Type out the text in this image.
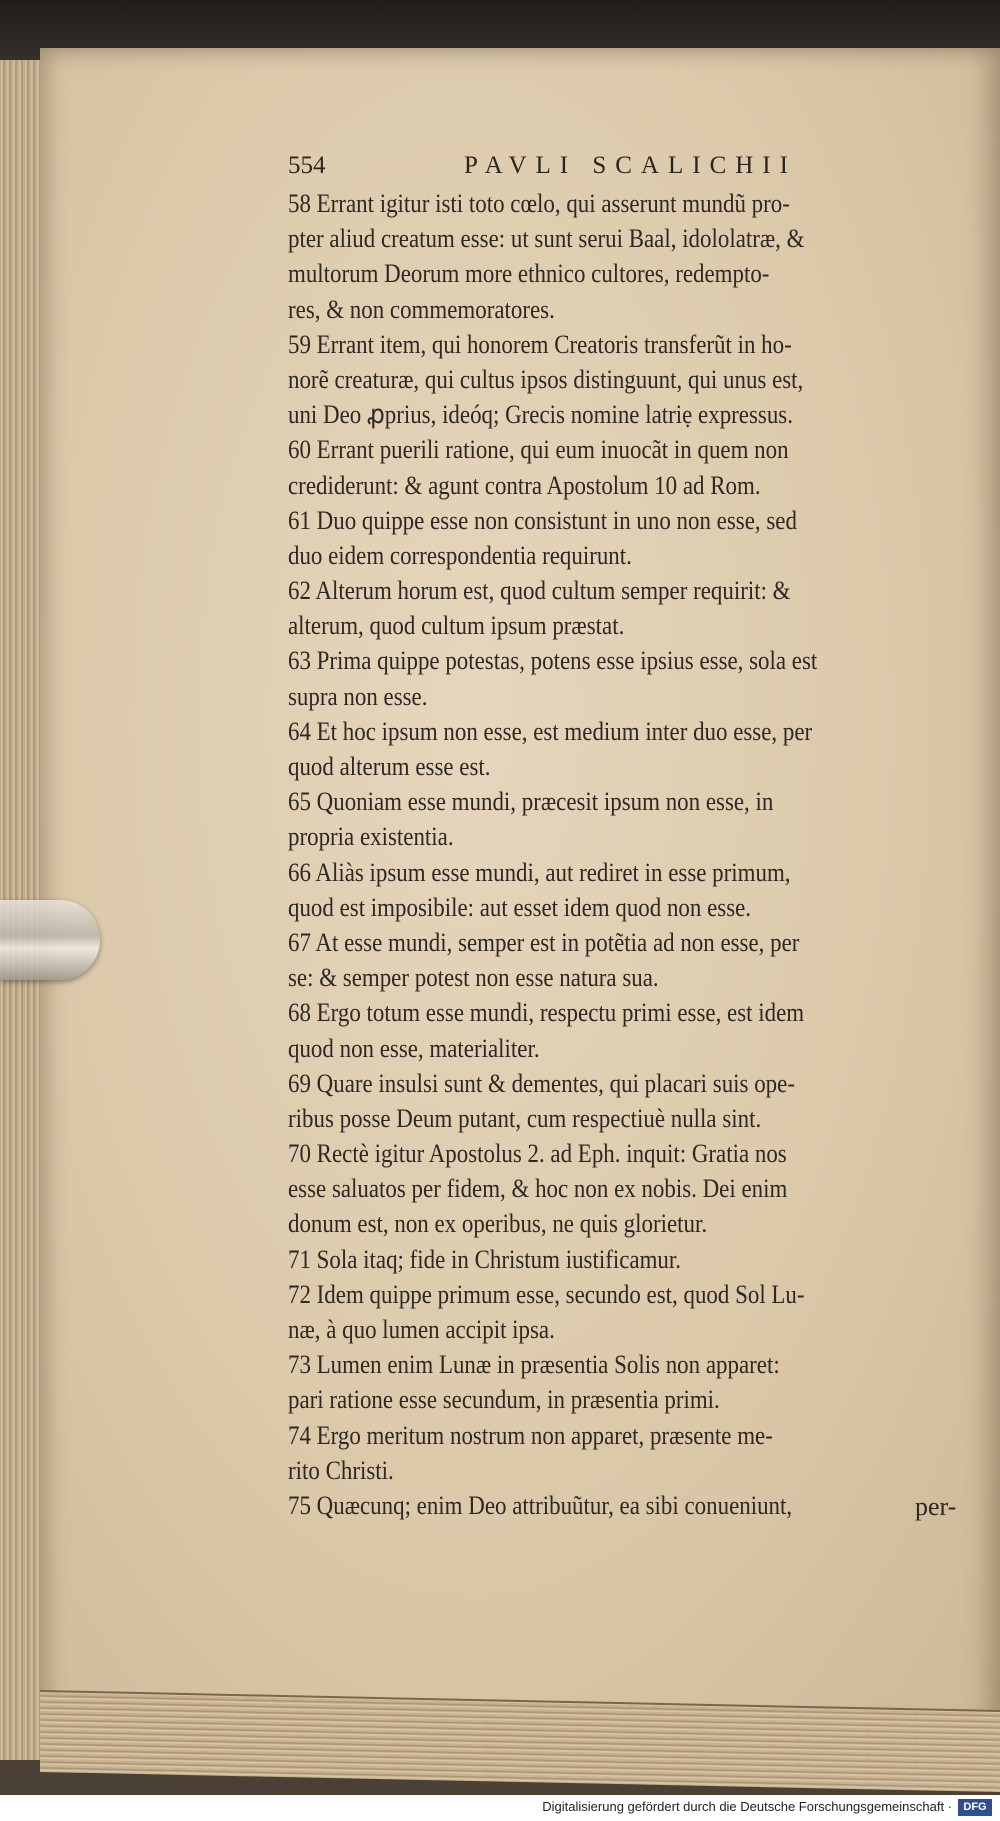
554	PAVLI SCALICHII
58 Errant igitur isti toto cœlo, qui asserunt mundũ pro-
pter aliud creatum esse: ut sunt serui Baal, idololatræ, &
multorum Deorum more ethnico cultores, redempto-
res, & non commemoratores.
59 Errant item, qui honorem Creatoris transferũt in ho-
norẽ creaturæ, qui cultus ipsos distinguunt, qui unus est,
uni Deo ꝓprius, ideóq; Grecis nomine latriẹ expressus.
60 Errant puerili ratione, qui eum inuocãt in quem non
crediderunt: & agunt contra Apostolum 10 ad Rom.
61 Duo quippe esse non consistunt in uno non esse, sed
duo eidem correspondentia requirunt.
62 Alterum horum est, quod cultum semper requirit: &
alterum, quod cultum ipsum præstat.
63 Prima quippe potestas, potens esse ipsius esse, sola est
supra non esse.
64 Et hoc ipsum non esse, est medium inter duo esse, per
quod alterum esse est.
65 Quoniam esse mundi, præcesit ipsum non esse, in
propria existentia.
66 Aliàs ipsum esse mundi, aut rediret in esse primum,
quod est imposibile: aut esset idem quod non esse.
67 At esse mundi, semper est in potẽtia ad non esse, per
se: & semper potest non esse natura sua.
68 Ergo totum esse mundi, respectu primi esse, est idem
quod non esse, materialiter.
69 Quare insulsi sunt & dementes, qui placari suis ope-
ribus posse Deum putant, cum respectiuè nulla sint.
70 Rectè igitur Apostolus 2. ad Eph. inquit: Gratia nos
esse saluatos per fidem, & hoc non ex nobis. Dei enim
donum est, non ex operibus, ne quis glorietur.
71 Sola itaq; fide in Christum iustificamur.
72 Idem quippe primum esse, secundo est, quod Sol Lu-
næ, à quo lumen accipit ipsa.
73 Lumen enim Lunæ in præsentia Solis non apparet:
pari ratione esse secundum, in præsentia primi.
74 Ergo meritum nostrum non apparet, præsente me-
rito Christi.
75 Quæcunq; enim Deo attribuũtur, ea sibi conueniunt,	per-
Digitalisierung gefördert durch die Deutsche Forschungsgemeinschaft ·	DFG
